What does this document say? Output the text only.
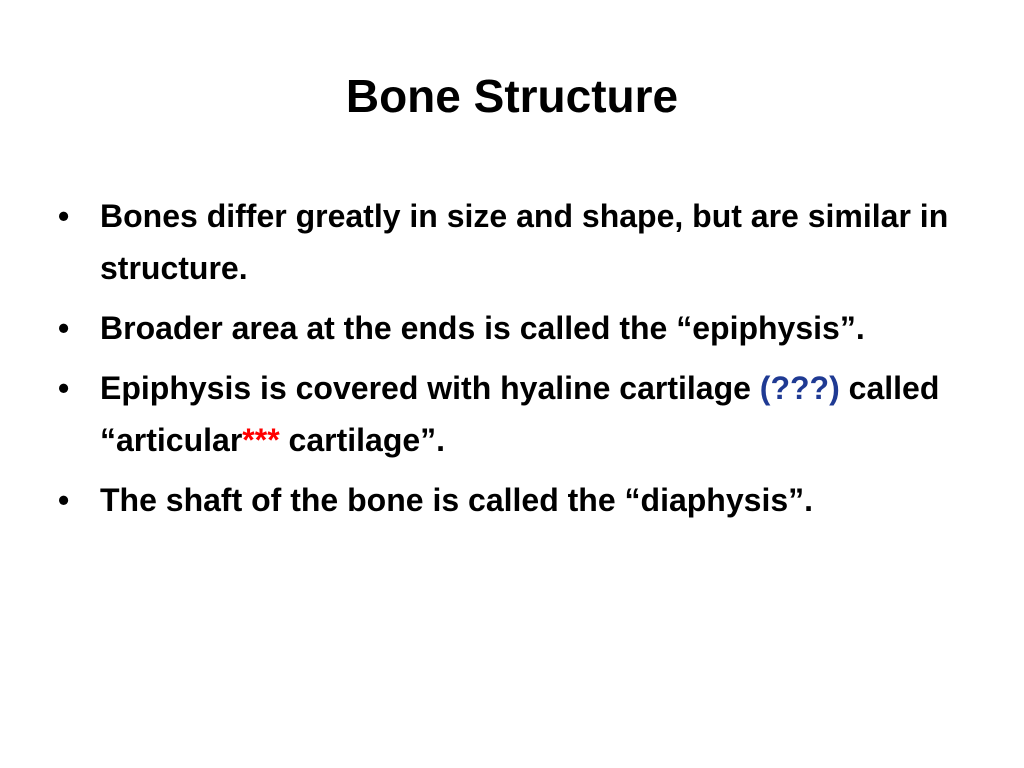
Bone Structure
• Bones differ greatly in size and shape, but are similar in structure.
• Broader area at the ends is called the “epiphysis”.
• Epiphysis is covered with hyaline cartilage (???) called “articular*** cartilage”.
• The shaft of the bone is called the “diaphysis”.
